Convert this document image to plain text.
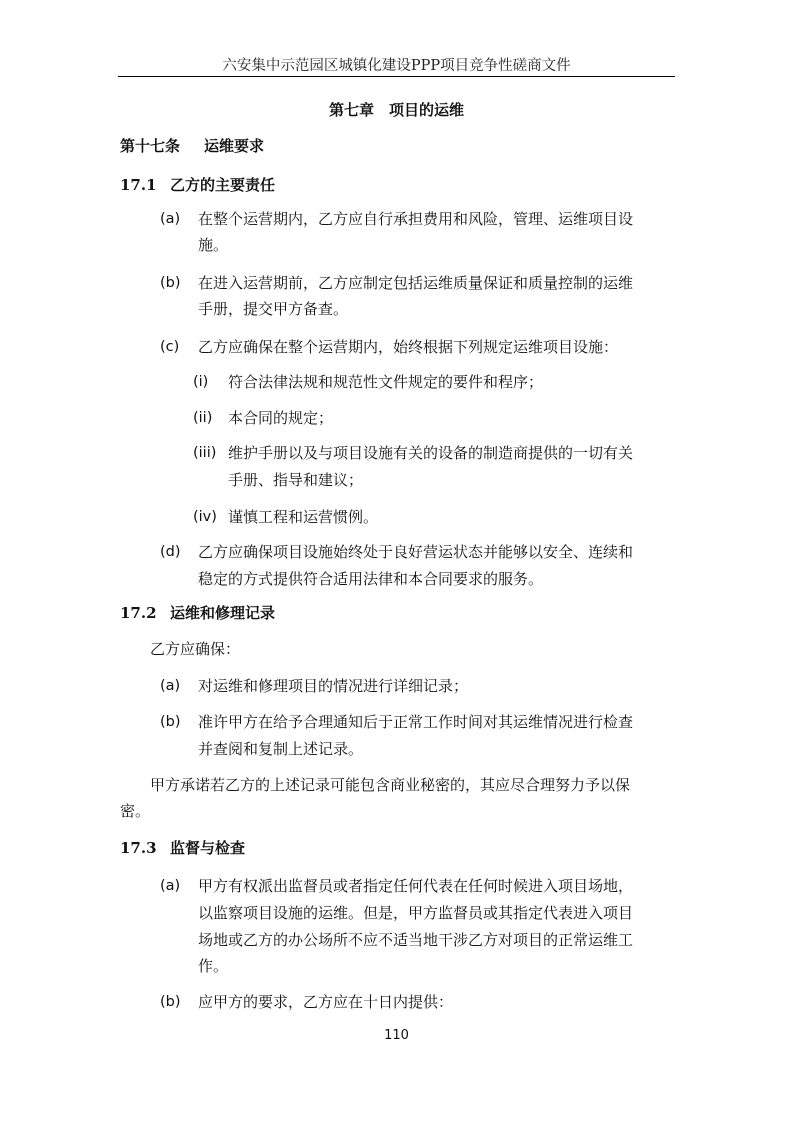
六安集中示范园区城镇化建设PPP项目竞争性磋商文件
第七章　项目的运维
第十七条 运维要求
17.1 乙方的主要责任
(a) 在整个运营期内，乙方应自行承担费用和风险，管理、运维项目设
施。
(b) 在进入运营期前，乙方应制定包括运维质量保证和质量控制的运维
手册，提交甲方备查。
(c) 乙方应确保在整个运营期内，始终根据下列规定运维项目设施：
(i) 符合法律法规和规范性文件规定的要件和程序；
(ii) 本合同的规定；
(iii) 维护手册以及与项目设施有关的设备的制造商提供的一切有关
手册、指导和建议；
(iv) 谨慎工程和运营惯例。
(d) 乙方应确保项目设施始终处于良好营运状态并能够以安全、连续和
稳定的方式提供符合适用法律和本合同要求的服务。
17.2 运维和修理记录
乙方应确保：
(a) 对运维和修理项目的情况进行详细记录；
(b) 准许甲方在给予合理通知后于正常工作时间对其运维情况进行检查
并查阅和复制上述记录。
甲方承诺若乙方的上述记录可能包含商业秘密的，其应尽合理努力予以保
密。
17.3 监督与检查
(a) 甲方有权派出监督员或者指定任何代表在任何时候进入项目场地，
以监察项目设施的运维。但是，甲方监督员或其指定代表进入项目
场地或乙方的办公场所不应不适当地干涉乙方对项目的正常运维工
作。
(b) 应甲方的要求，乙方应在十日内提供：
110
